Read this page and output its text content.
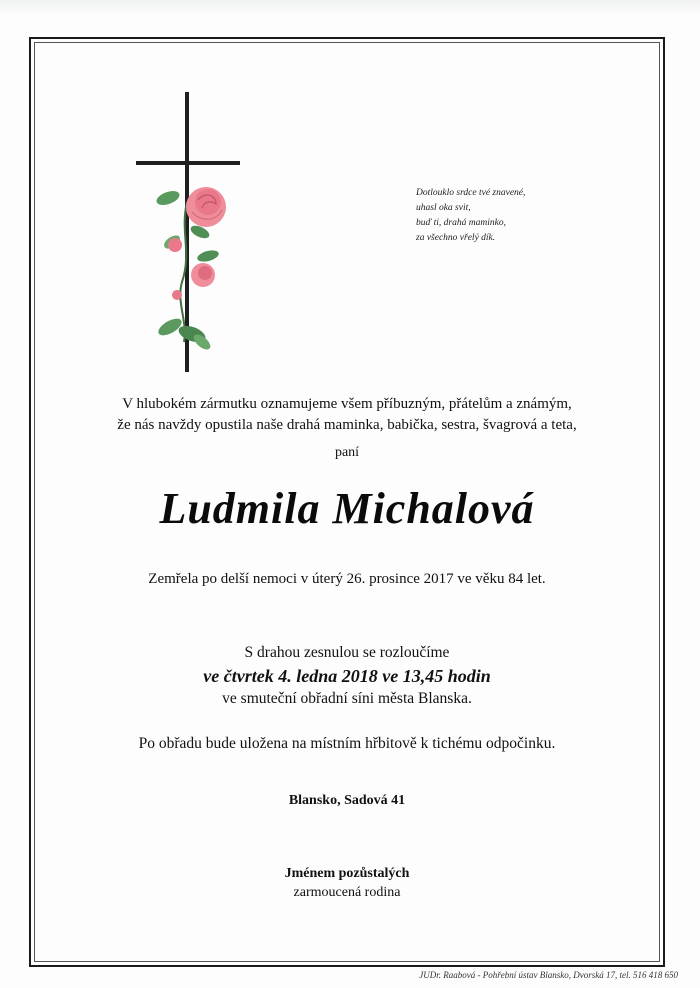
Dotlouklo srdce tvé znavené,
uhasl oka svit,
buď ti, drahá maminko,
za všechno vřelý dík.
V hlubokém zármutku oznamujeme všem příbuzným, přátelům a známým,
že nás navždy opustila naše drahá maminka, babička, sestra, švagrová a teta,
paní
Ludmila Michalová
Zemřela po delší nemoci v úterý 26. prosince 2017 ve věku 84 let.
S drahou zesnulou se rozloučíme
ve čtvrtek 4. ledna 2018 ve 13,45 hodin
ve smuteční obřadní síni města Blanska.
Po obřadu bude uložena na místním hřbitově k tichému odpočinku.
Blansko, Sadová 41
Jménem pozůstalých
zarmoucená rodina
JUDr. Raabová - Pohřební ústav Blansko, Dvorská 17, tel. 516 418 650
